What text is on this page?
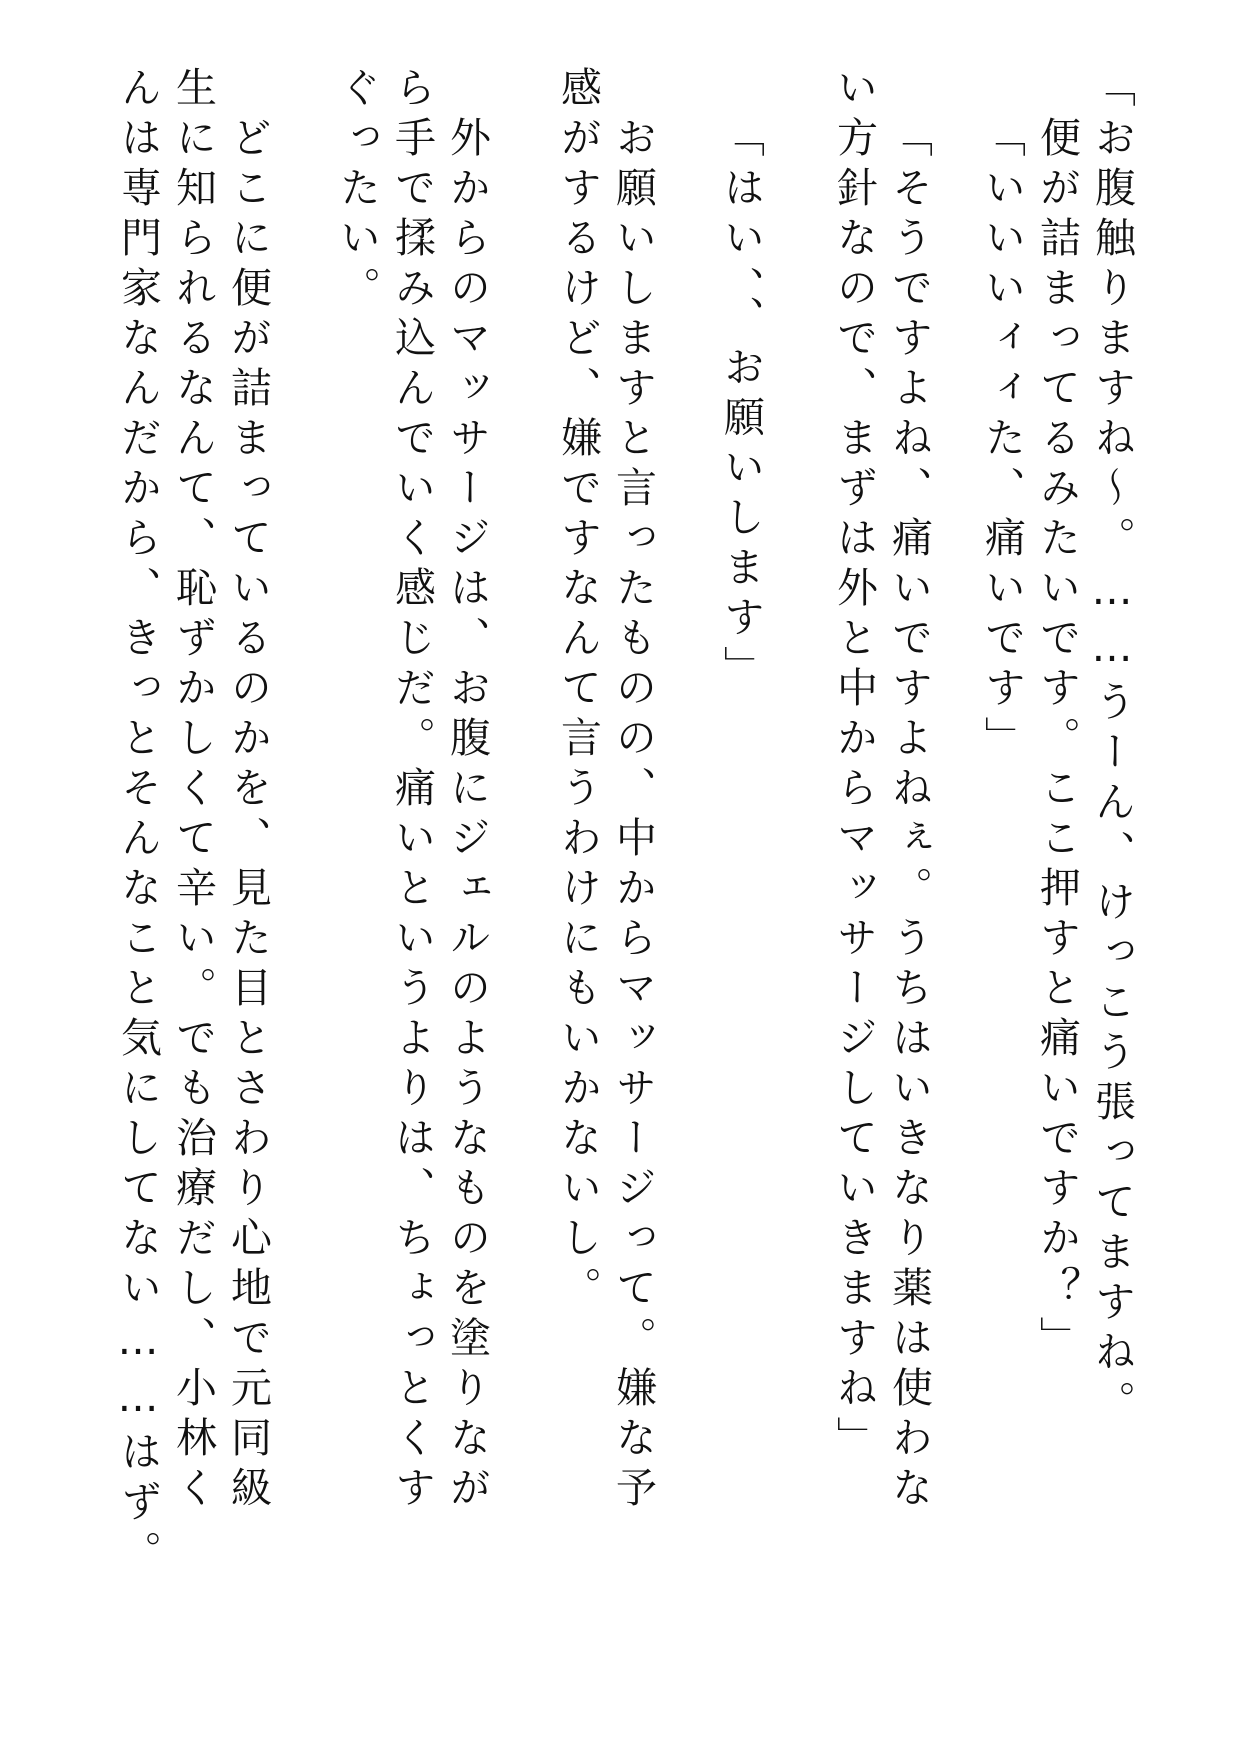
「お腹触りますね～。……うーん、けっこう張ってますね。
便が詰まってるみたいです。ここ押すと痛いですか？」
「いいいィィた、痛いです」
「そうですよね、痛いですよねぇ。うちはいきなり薬は使わな
い方針なので、まずは外と中からマッサージしていきますね」
「はい、、お願いします」
お願いしますと言ったものの、中からマッサージって。嫌な予
感がするけど、嫌ですなんて言うわけにもいかないし。
外からのマッサージは、お腹にジェルのようなものを塗りなが
ら手で揉み込んでいく感じだ。痛いというよりは、ちょっとくす
ぐったい。
どこに便が詰まっているのかを、見た目とさわり心地で元同級
生に知られるなんて、恥ずかしくて辛い。でも治療だし、小林く
んは専門家なんだから、きっとそんなこと気にしてない……はず。
